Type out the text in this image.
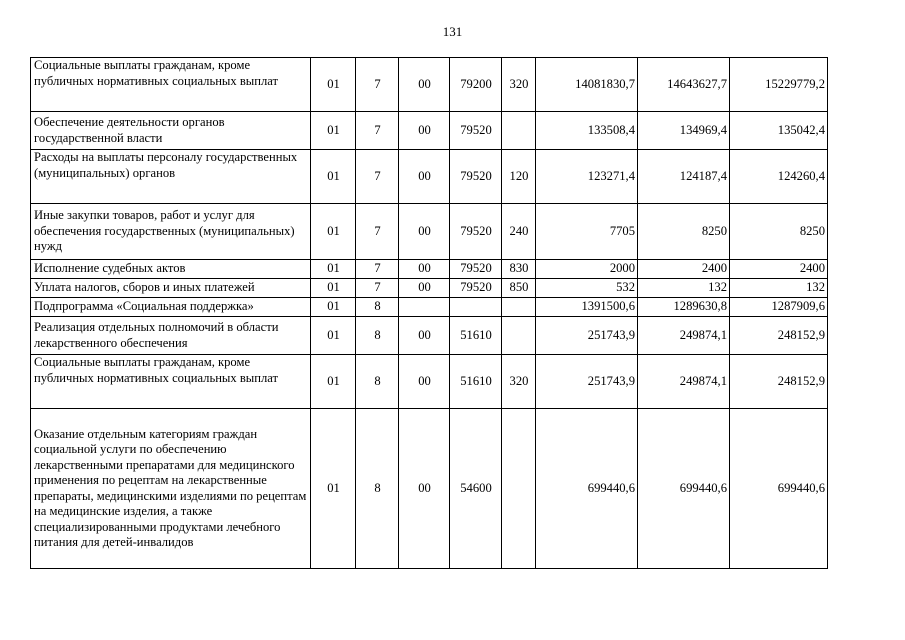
131
Социальные выплаты гражданам, кроме публичных нормативных социальных выплат	01	7	00	79200	320	14081830,7	14643627,7	15229779,2
Обеспечение деятельности органов государственной власти	01	7	00	79520		133508,4	134969,4	135042,4
Расходы на выплаты персоналу государственных (муниципальных) органов	01	7	00	79520	120	123271,4	124187,4	124260,4
Иные закупки товаров, работ и услуг для обеспечения государственных (муниципальных) нужд	01	7	00	79520	240	7705	8250	8250
Исполнение судебных актов	01	7	00	79520	830	2000	2400	2400
Уплата налогов, сборов и иных платежей	01	7	00	79520	850	532	132	132
Подпрограмма «Социальная поддержка»	01	8				1391500,6	1289630,8	1287909,6
Реализация отдельных полномочий в области лекарственного обеспечения	01	8	00	51610		251743,9	249874,1	248152,9
Социальные выплаты гражданам, кроме публичных нормативных социальных выплат	01	8	00	51610	320	251743,9	249874,1	248152,9
Оказание отдельным категориям граждан социальной услуги по обеспечению лекарственными препаратами для медицинского применения по рецептам на лекарственные препараты, медицинскими изделиями по рецептам на медицинские изделия, а также специализированными продуктами лечебного питания для детей-инвалидов	01	8	00	54600		699440,6	699440,6	699440,6
